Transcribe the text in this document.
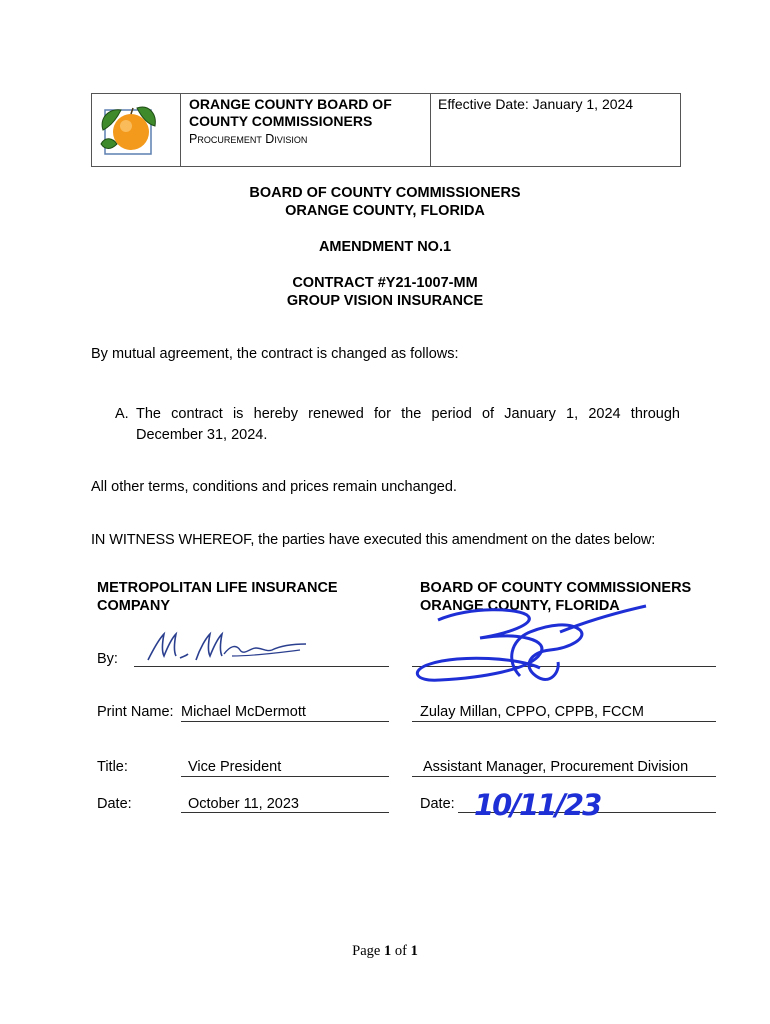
ORANGE COUNTY BOARD OF
COUNTY COMMISSIONERS
Procurement Division
Effective Date: January 1, 2024
BOARD OF COUNTY COMMISSIONERS
ORANGE COUNTY, FLORIDA
AMENDMENT NO.1
CONTRACT #Y21-1007-MM
GROUP VISION INSURANCE
By mutual agreement, the contract is changed as follows:
A. The contract is hereby renewed for the period of January 1, 2024 through
December 31, 2024.
All other terms, conditions and prices remain unchanged.
IN WITNESS WHEREOF, the parties have executed this amendment on the dates below:
METROPOLITAN LIFE INSURANCE
COMPANY
BOARD OF COUNTY COMMISSIONERS
ORANGE COUNTY, FLORIDA
By:
Print Name: Michael McDermott	Zulay Millan, CPPO, CPPB, FCCM
Title:	Vice President	Assistant Manager, Procurement Division
Date:	October 11, 2023	Date: 10/11/23
Page 1 of 1
